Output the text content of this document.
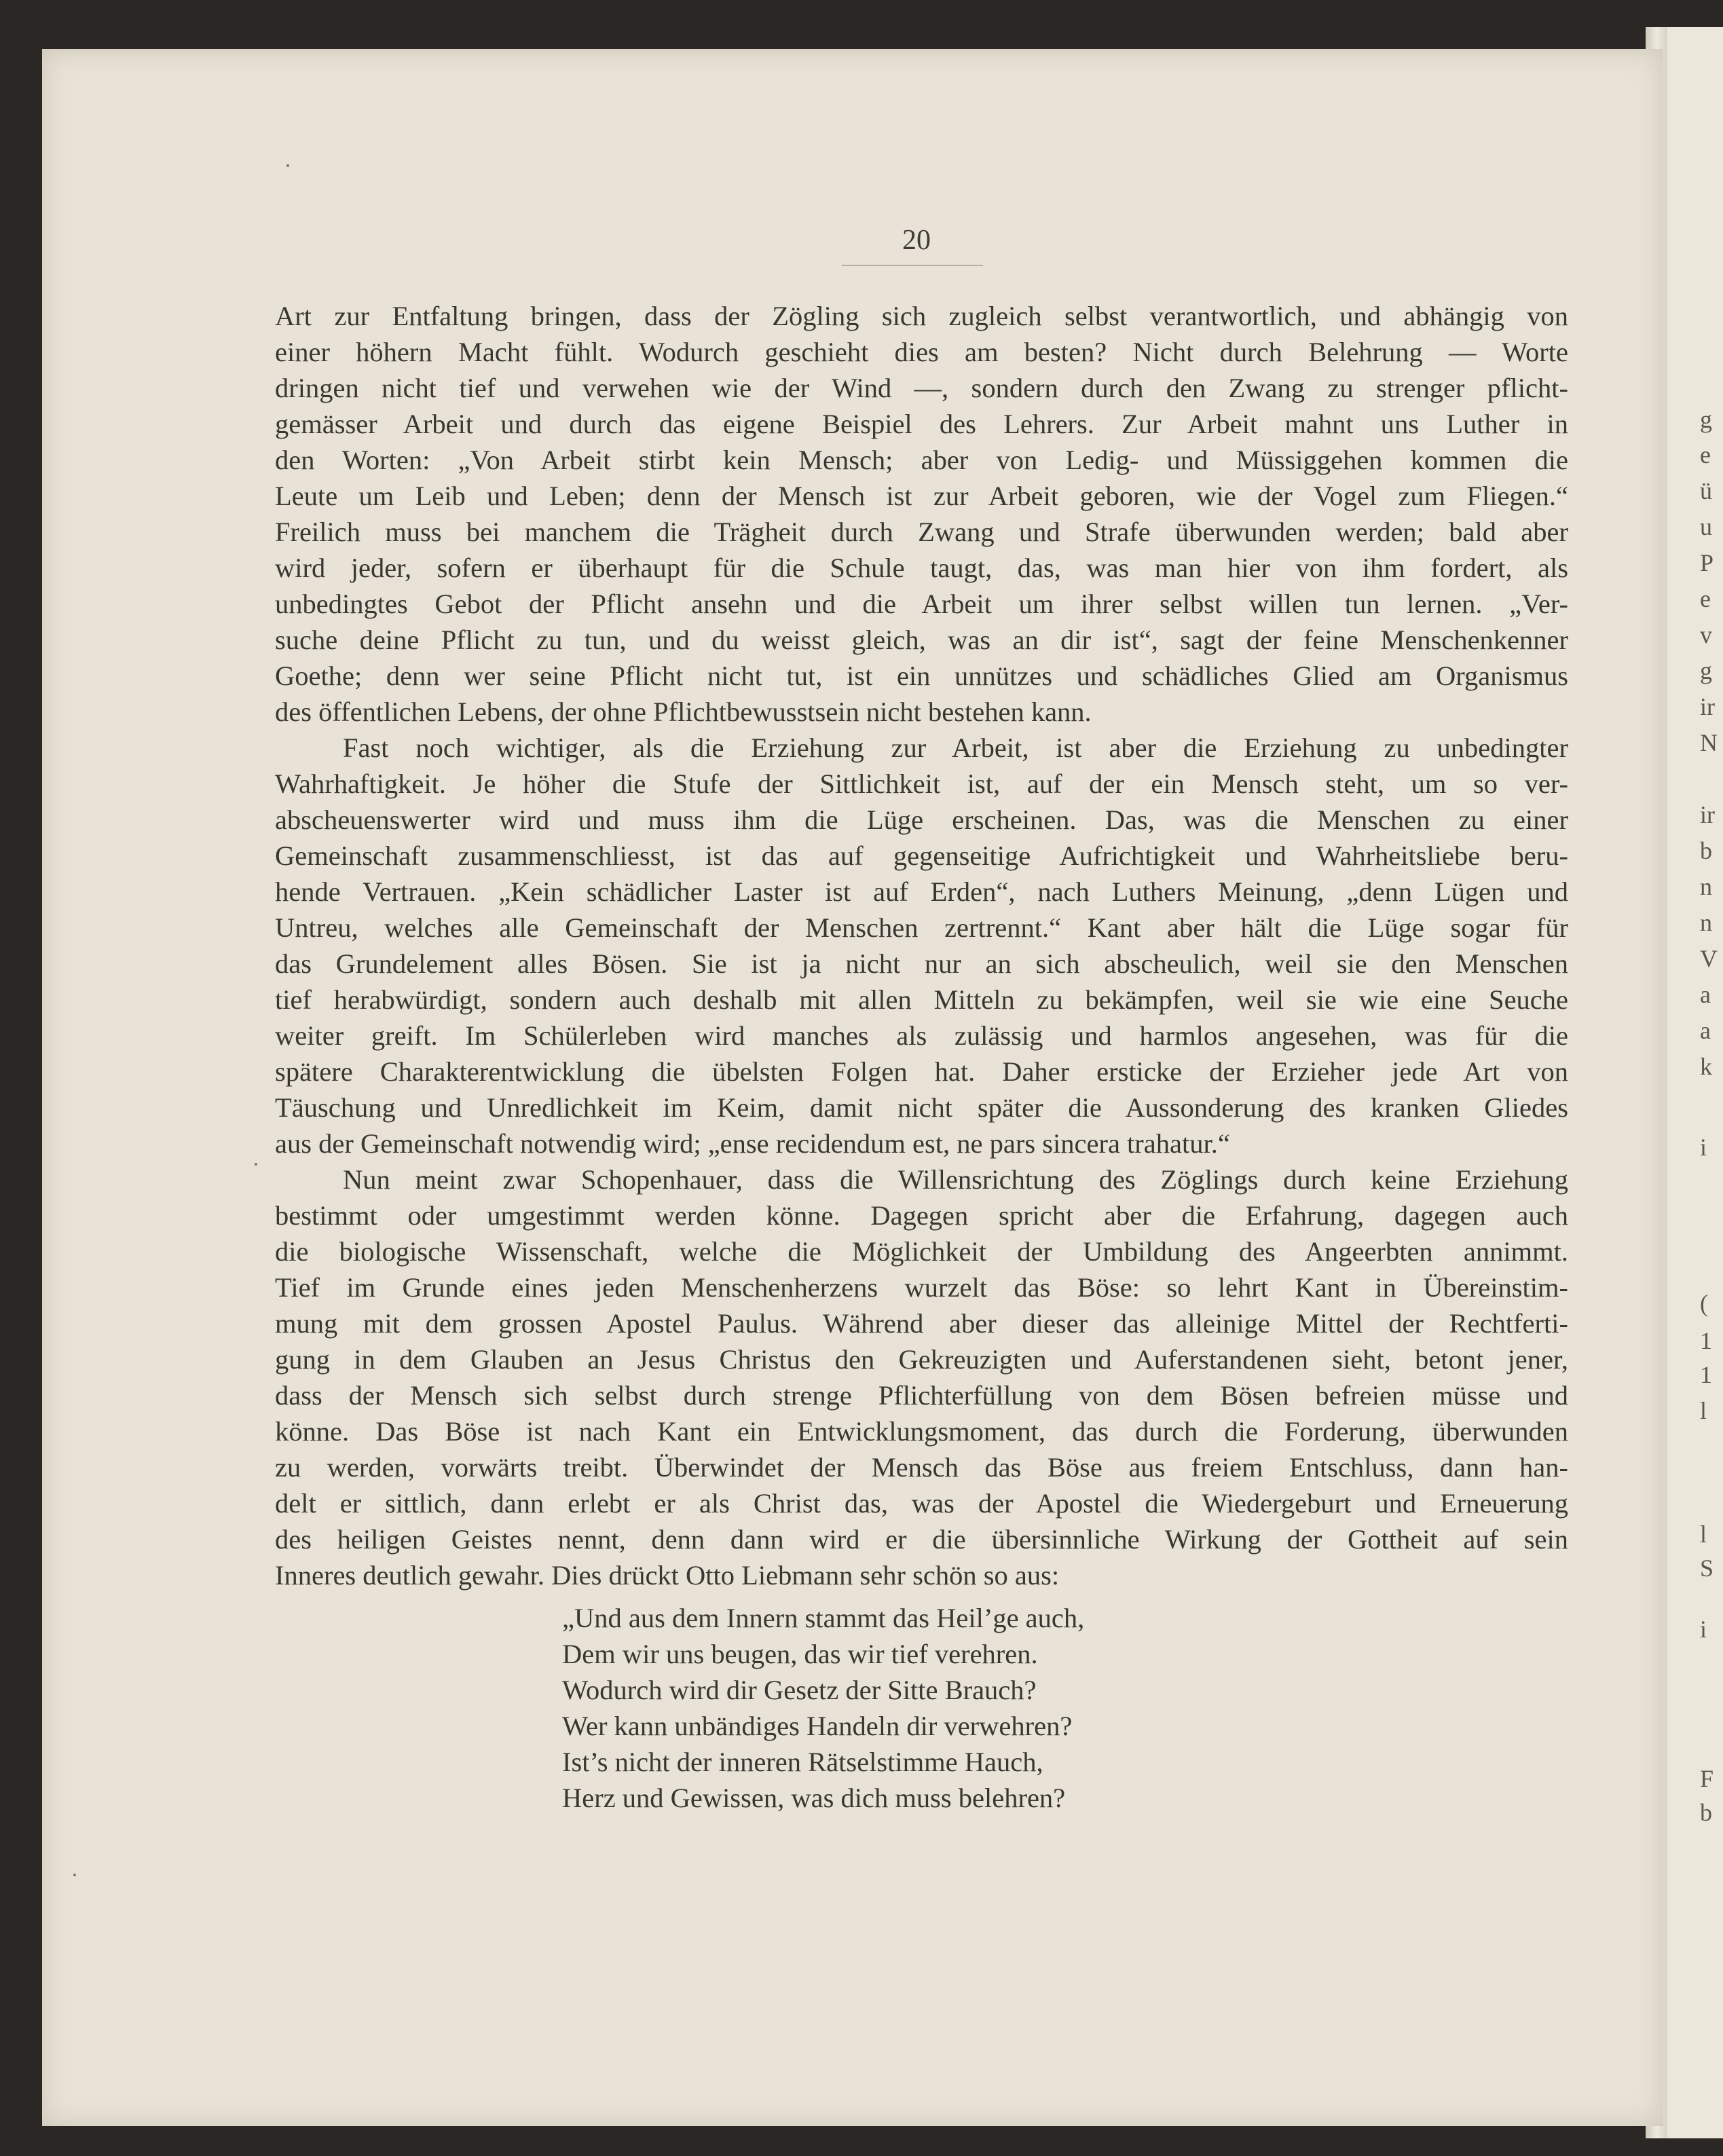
g
e
ü
u
P
e
v
g
ir
N
ir
b
n
n
V
a
a
k
i
(
1
1
l
l
S
i
F
b
20
Art zur Entfaltung bringen, dass der Zögling sich zugleich selbst verantwortlich, und abhängig von
einer höhern Macht fühlt. Wodurch geschieht dies am besten? Nicht durch Belehrung — Worte
dringen nicht tief und verwehen wie der Wind —, sondern durch den Zwang zu strenger pflicht-
gemässer Arbeit und durch das eigene Beispiel des Lehrers. Zur Arbeit mahnt uns Luther in
den Worten: „Von Arbeit stirbt kein Mensch; aber von Ledig- und Müssiggehen kommen die
Leute um Leib und Leben; denn der Mensch ist zur Arbeit geboren, wie der Vogel zum Fliegen.“
Freilich muss bei manchem die Trägheit durch Zwang und Strafe überwunden werden; bald aber
wird jeder, sofern er überhaupt für die Schule taugt, das, was man hier von ihm fordert, als
unbedingtes Gebot der Pflicht ansehn und die Arbeit um ihrer selbst willen tun lernen. „Ver-
suche deine Pflicht zu tun, und du weisst gleich, was an dir ist“, sagt der feine Menschenkenner
Goethe; denn wer seine Pflicht nicht tut, ist ein unnützes und schädliches Glied am Organismus
des öffentlichen Lebens, der ohne Pflichtbewusstsein nicht bestehen kann.
Fast noch wichtiger, als die Erziehung zur Arbeit, ist aber die Erziehung zu unbedingter
Wahrhaftigkeit. Je höher die Stufe der Sittlichkeit ist, auf der ein Mensch steht, um so ver-
abscheuenswerter wird und muss ihm die Lüge erscheinen. Das, was die Menschen zu einer
Gemeinschaft zusammenschliesst, ist das auf gegenseitige Aufrichtigkeit und Wahrheitsliebe beru-
hende Vertrauen. „Kein schädlicher Laster ist auf Erden“, nach Luthers Meinung, „denn Lügen und
Untreu, welches alle Gemeinschaft der Menschen zertrennt.“ Kant aber hält die Lüge sogar für
das Grundelement alles Bösen. Sie ist ja nicht nur an sich abscheulich, weil sie den Menschen
tief herabwürdigt, sondern auch deshalb mit allen Mitteln zu bekämpfen, weil sie wie eine Seuche
weiter greift. Im Schülerleben wird manches als zulässig und harmlos angesehen, was für die
spätere Charakterentwicklung die übelsten Folgen hat. Daher ersticke der Erzieher jede Art von
Täuschung und Unredlichkeit im Keim, damit nicht später die Aussonderung des kranken Gliedes
aus der Gemeinschaft notwendig wird; „ense recidendum est, ne pars sincera trahatur.“
Nun meint zwar Schopenhauer, dass die Willensrichtung des Zöglings durch keine Erziehung
bestimmt oder umgestimmt werden könne. Dagegen spricht aber die Erfahrung, dagegen auch
die biologische Wissenschaft, welche die Möglichkeit der Umbildung des Angeerbten annimmt.
Tief im Grunde eines jeden Menschenherzens wurzelt das Böse: so lehrt Kant in Übereinstim-
mung mit dem grossen Apostel Paulus. Während aber dieser das alleinige Mittel der Rechtferti-
gung in dem Glauben an Jesus Christus den Gekreuzigten und Auferstandenen sieht, betont jener,
dass der Mensch sich selbst durch strenge Pflichterfüllung von dem Bösen befreien müsse und
könne. Das Böse ist nach Kant ein Entwicklungsmoment, das durch die Forderung, überwunden
zu werden, vorwärts treibt. Überwindet der Mensch das Böse aus freiem Entschluss, dann han-
delt er sittlich, dann erlebt er als Christ das, was der Apostel die Wiedergeburt und Erneuerung
des heiligen Geistes nennt, denn dann wird er die übersinnliche Wirkung der Gottheit auf sein
Inneres deutlich gewahr. Dies drückt Otto Liebmann sehr schön so aus:
„Und aus dem Innern stammt das Heil’ge auch,
Dem wir uns beugen, das wir tief verehren.
Wodurch wird dir Gesetz der Sitte Brauch?
Wer kann unbändiges Handeln dir verwehren?
Ist’s nicht der inneren Rätselstimme Hauch,
Herz und Gewissen, was dich muss belehren?
